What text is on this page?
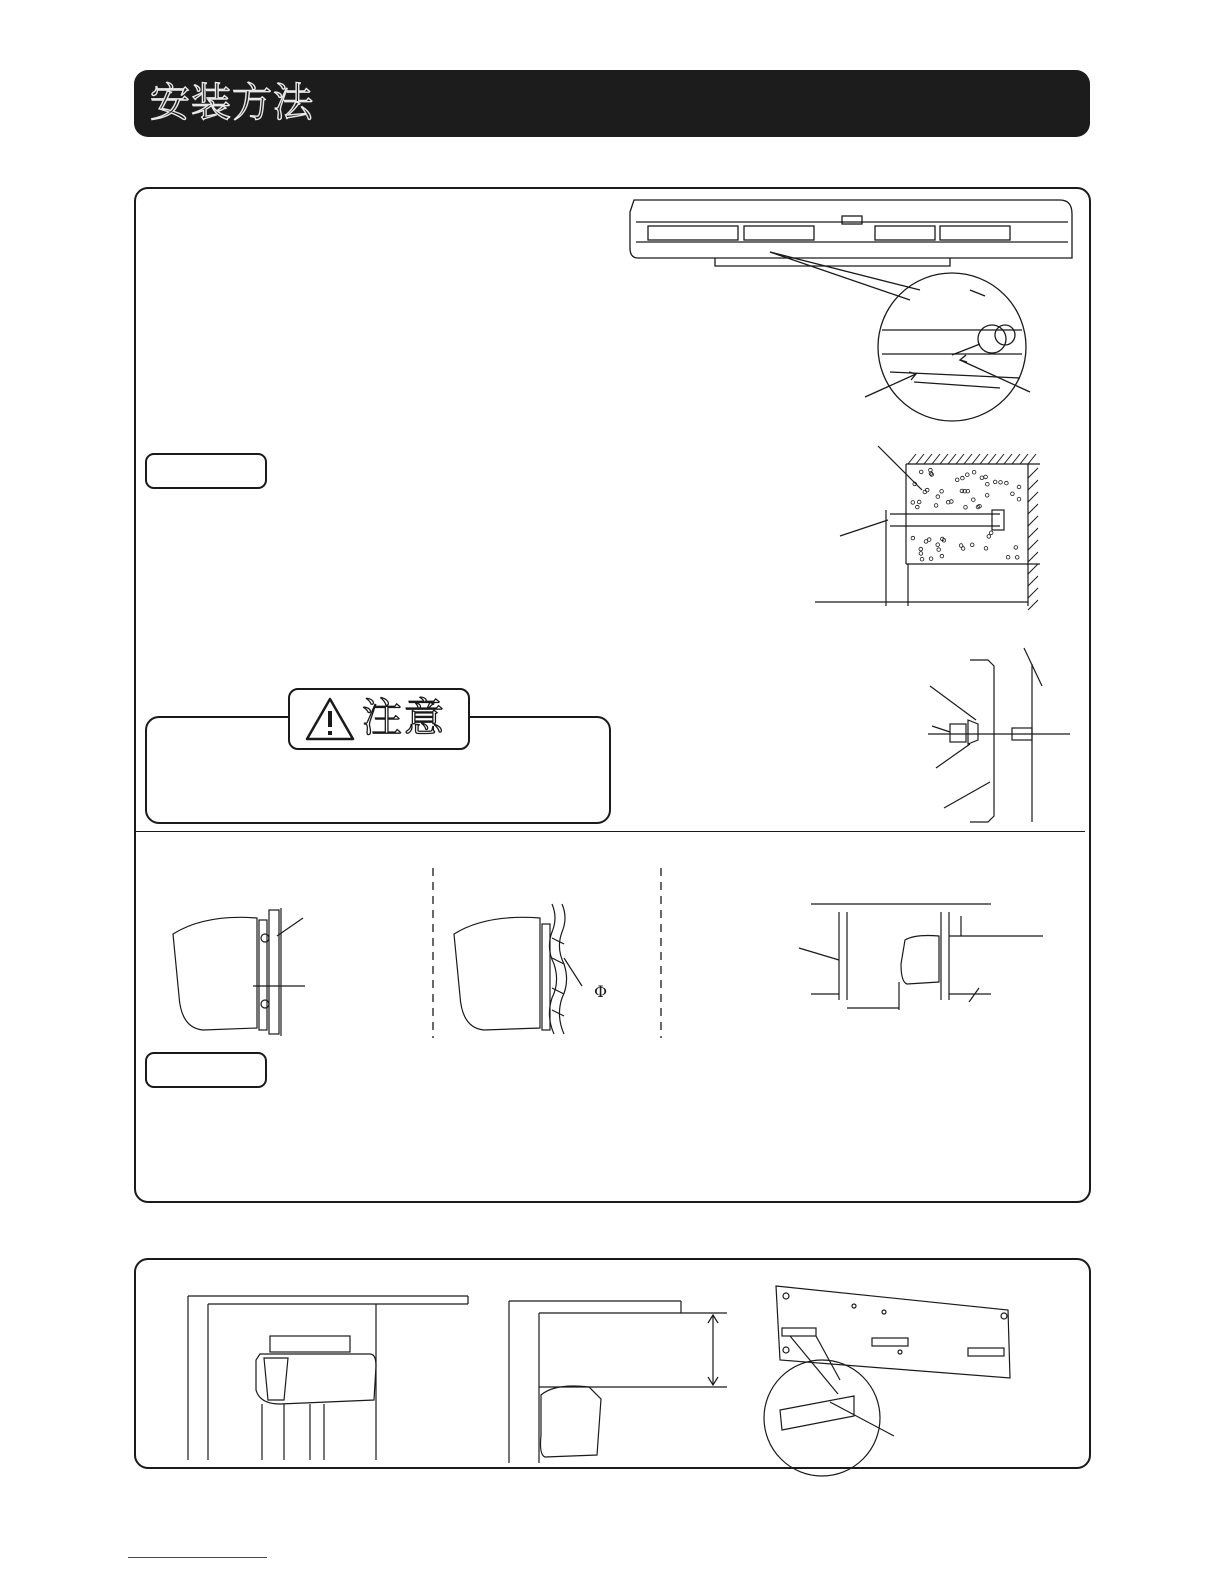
安装方法
注意
Φ
